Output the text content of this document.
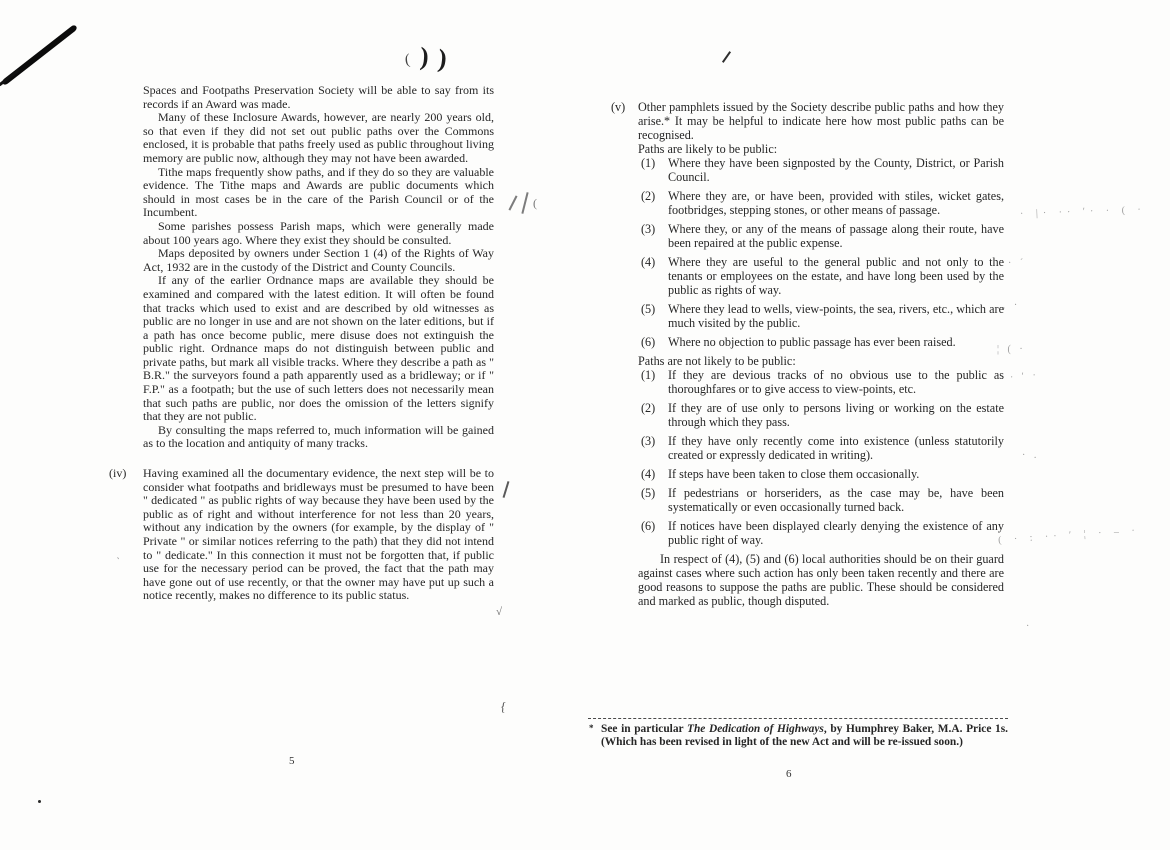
( ) )
(
√
{
‵
· |· ·· ′· · ( ·
· ´
‚ ·
¦ ( ·
· ′ ·
· .
( · : ·· ′ ¦ · – ·
·

Spaces and Footpaths Preservation Society will be able to say from its records if an Award was made.

Many of these Inclosure Awards, however, are nearly 200 years old, so that even if they did not set out public paths over the Commons enclosed, it is probable that paths freely used as public throughout living memory are public now, although they may not have been awarded.

Tithe maps frequently show paths, and if they do so they are valuable evidence. The Tithe maps and Awards are public documents which should in most cases be in the care of the Parish Council or of the Incumbent.

Some parishes possess Parish maps, which were generally made about 100 years ago. Where they exist they should be consulted.

Maps deposited by owners under Section 1 (4) of the Rights of Way Act, 1932 are in the custody of the District and County Councils.

If any of the earlier Ordnance maps are available they should be examined and compared with the latest edition. It will often be found that tracks which used to exist and are described by old witnesses as public are no longer in use and are not shown on the later editions, but if a path has once become public, mere disuse does not extinguish the public right. Ordnance maps do not distinguish between public and private paths, but mark all visible tracks. Where they describe a path as " B.R." the surveyors found a path apparently used as a bridleway; or if " F.P." as a footpath; but the use of such letters does not necessarily mean that such paths are public, nor does the omission of the letters signify that they are not public.

By consulting the maps referred to, much information will be gained as to the location and antiquity of many tracks.

(iv) Having examined all the documentary evidence, the next step will be to consider what footpaths and bridleways must be presumed to have been " dedicated " as public rights of way because they have been used by the public as of right and without interference for not less than 20 years, without any indication by the owners (for example, by the display of " Private " or similar notices referring to the path) that they did not intend to " dedicate." In this connection it must not be forgotten that, if public use for the necessary period can be proved, the fact that the path may have gone out of use recently, or that the owner may have put up such a notice recently, makes no difference to its public status.
5
(v) Other pamphlets issued by the Society describe public paths and how they arise.* It may be helpful to indicate here how most public paths can be recognised.

Paths are likely to be public:

(1) Where they have been signposted by the County, District, or Parish Council.
(2) Where they are, or have been, provided with stiles, wicket gates, footbridges, stepping stones, or other means of passage.
(3) Where they, or any of the means of passage along their route, have been repaired at the public expense.
(4) Where they are useful to the general public and not only to the tenants or employees on the estate, and have long been used by the public as rights of way.
(5) Where they lead to wells, view-points, the sea, rivers, etc., which are much visited by the public.
(6) Where no objection to public passage has ever been raised.

Paths are not likely to be public:

(1) If they are devious tracks of no obvious use to the public as thoroughfares or to give access to view-points, etc.
(2) If they are of use only to persons living or working on the estate through which they pass.
(3) If they have only recently come into existence (unless statutorily created or expressly dedicated in writing).
(4) If steps have been taken to close them occasionally.
(5) If pedestrians or horseriders, as the case may be, have been systematically or even occasionally turned back.
(6) If notices have been displayed clearly denying the existence of any public right of way.

In respect of (4), (5) and (6) local authorities should be on their guard against cases where such action has only been taken recently and there are good reasons to suppose the paths are public. These should be considered and marked as public, though disputed.

* See in particular The Dedication of Highways, by Humphrey Baker, M.A. Price 1s. (Which has been revised in light of the new Act and will be re-issued soon.)
6
